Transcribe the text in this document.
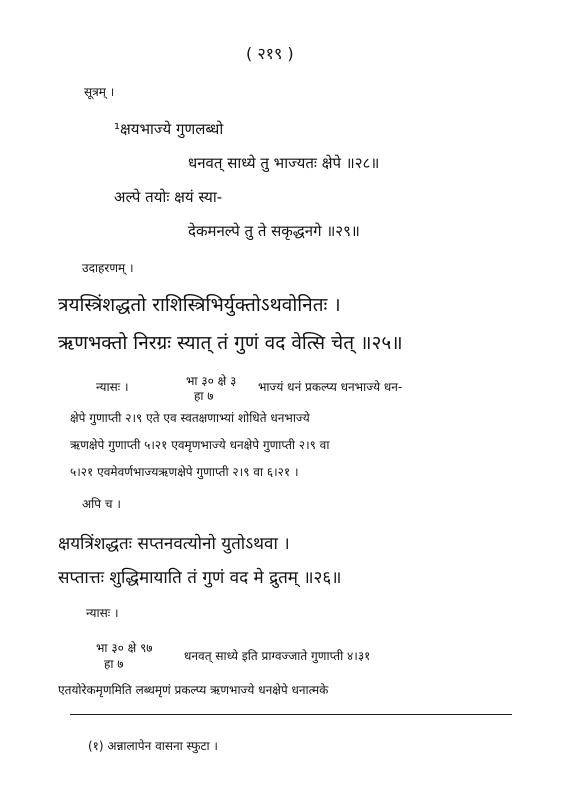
( २१९ )
सूत्रम् ।
¹क्षयभाज्ये गुणलब्धो
धनवत् साध्ये तु भाज्यतः क्षेपे ॥२८॥
अल्पे तयोः क्षयं स्या-
देकमनल्पे तु ते सकृद्धनगे ॥२९॥
उदाहरणम् ।
त्रयस्त्रिंशद्धतो राशिस्त्रिभिर्युक्तोऽथवोनितः ।
ऋणभक्तो निरग्रः स्यात् तं गुणं वद वेत्सि चेत् ॥२५॥
न्यासः ।	भा ३० क्षे ३
हा ७
भाज्यं धनं प्रकल्प्य धनभाज्ये धन-
क्षेपे गुणाप्ती २।९ एते एव स्वतक्षणाभ्यां शोधिते धनभाज्ये
ऋणक्षेपे गुणाप्ती ५।२१ एवमृणभाज्ये धनक्षेपे गुणाप्ती २।९ वा
५।२१ एवमेवर्णभाज्यऋणक्षेपे गुणाप्ती २।९ वा ६।२१ ।
अपि च ।
क्षयत्रिंशद्धतः सप्तनवत्योनो युतोऽथवा ।
सप्तात्तः शुद्धिमायाति तं गुणं वद मे द्रुतम् ॥२६॥
न्यासः ।
भा ३० क्षे ९७
हा ७
धनवत् साध्ये इति प्राग्वज्जाते गुणाप्ती ४।३१
एतयोरेकमृणमिति लब्धमृणं प्रकल्प्य ऋणभाज्ये धनक्षेपे धनात्मके
(१) अन्नालापेन वासना स्फुटा ।
